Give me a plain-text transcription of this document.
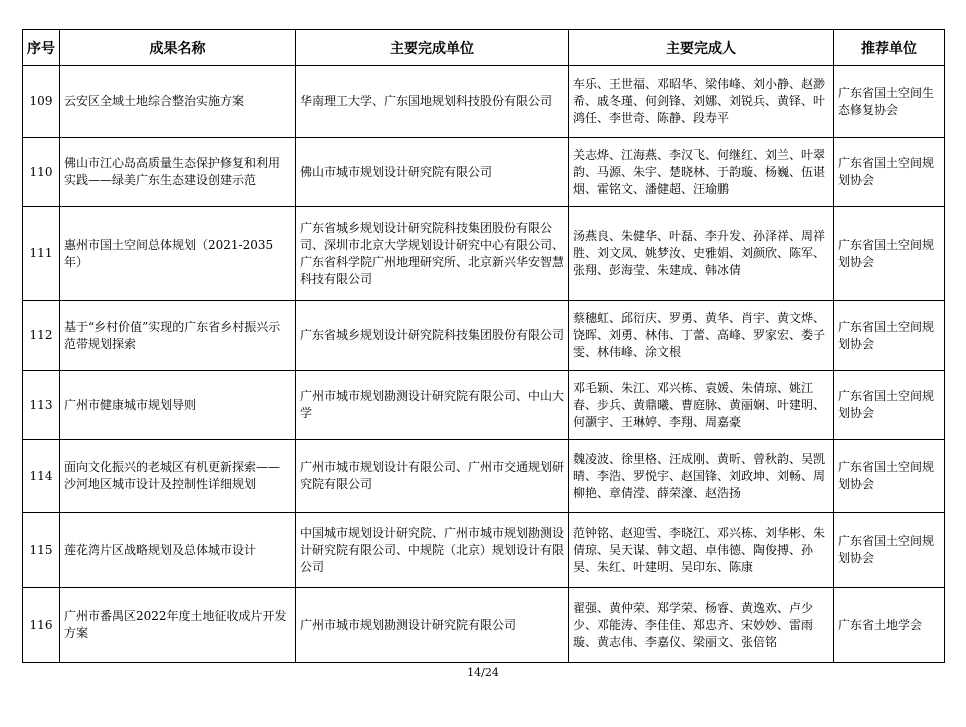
序号	成果名称	主要完成单位	主要完成人	推荐单位
109	云安区全域土地综合整治实施方案	华南理工大学、广东国地规划科技股份有限公司	车乐、王世福、邓昭华、梁伟峰、刘小静、赵渺希、戚冬瑾、何剑锋、刘娜、刘锐兵、黄铎、叶鸿任、李世奇、陈静、段寿平	广东省国土空间生态修复协会
110	佛山市江心岛高质量生态保护修复和利用实践——绿美广东生态建设创建示范	佛山市城市规划设计研究院有限公司	关志烨、江海燕、李汉飞、何继红、刘兰、叶翠韵、马源、朱宇、楚晓林、于韵璇、杨巍、伍谌烟、霍铭文、潘健超、汪瑜鹏	广东省国土空间规划协会
111	惠州市国土空间总体规划（2021-2035年）	广东省城乡规划设计研究院科技集团股份有限公司、深圳市北京大学规划设计研究中心有限公司、广东省科学院广州地理研究所、北京新兴华安智慧科技有限公司	汤燕良、朱健华、叶磊、李升发、孙泽祥、周祥胜、刘文凤、姚梦汝、史雅娟、刘颜欣、陈军、张翔、彭海莹、朱建成、韩冰倩	广东省国土空间规划协会
112	基于“乡村价值”实现的广东省乡村振兴示范带规划探索	广东省城乡规划设计研究院科技集团股份有限公司	蔡穗虹、邱衍庆、罗勇、黄华、肖宇、黄文烨、饶晖、刘勇、林伟、丁蕾、高峰、罗家宏、娄子雯、林伟峰、涂文根	广东省国土空间规划协会
113	广州市健康城市规划导则	广州市城市规划勘测设计研究院有限公司、中山大学	邓毛颖、朱江、邓兴栋、袁媛、朱倩琼、姚江春、步兵、黄鼎曦、曹庭脉、黄丽娴、叶建明、何灏宇、王琳婷、李翔、周嘉豪	广东省国土空间规划协会
114	面向文化振兴的老城区有机更新探索——沙河地区城市设计及控制性详细规划	广州市城市规划设计有限公司、广州市交通规划研究院有限公司	魏凌波、徐里格、汪成刚、黄昕、曾秋韵、吴凯晴、李浩、罗悦宇、赵国锋、刘政坤、刘畅、周柳艳、章倩滢、薛荣濠、赵浩扬	广东省国土空间规划协会
115	莲花湾片区战略规划及总体城市设计	中国城市规划设计研究院、广州市城市规划勘测设计研究院有限公司、中规院（北京）规划设计有限公司	范钟铭、赵迎雪、李晓江、邓兴栋、刘华彬、朱倩琼、吴天谋、韩文超、卓伟德、陶俊搏、孙昊、朱红、叶建明、吴印东、陈康	广东省国土空间规划协会
116	广州市番禺区2022年度土地征收成片开发方案	广州市城市规划勘测设计研究院有限公司	翟强、黄仲荣、郑学荣、杨睿、黄逸欢、卢少少、邓能涛、李佳佳、郑忠齐、宋妙妙、雷雨璇、黄志伟、李嘉仪、梁丽文、张倍铭	广东省土地学会
14/24
